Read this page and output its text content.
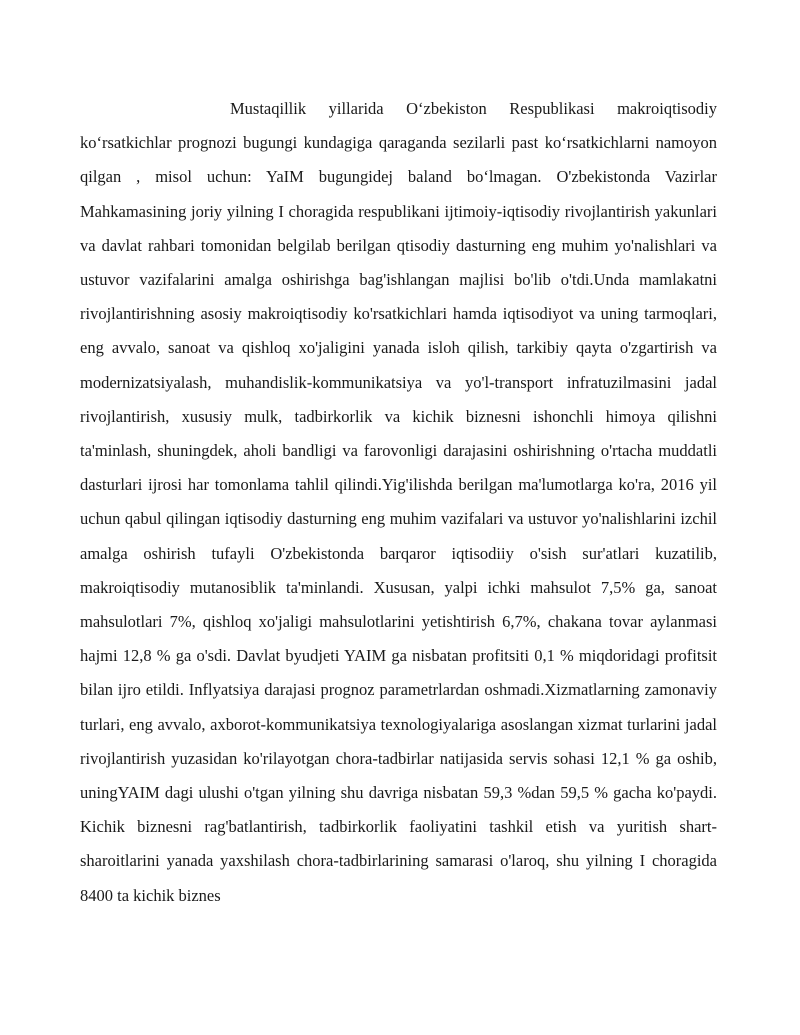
Mustaqillik yillarida O‘zbekiston Respublikasi makroiqtisodiy ko‘rsatkichlar prognozi bugungi kundagiga qaraganda sezilarli past ko‘rsatkichlarni namoyon qilgan , misol uchun: YaIM bugungidej baland bo‘lmagan. O'zbekistonda Vazirlar Mahkamasining joriy yilning I choragida respublikani ijtimoiy-iqtisodiy rivojlantirish yakunlari va davlat rahbari tomonidan belgilab berilgan qtisodiy dasturning eng muhim yo'nalishlari va ustuvor vazifalarini amalga oshirishga bag'ishlangan majlisi bo'lib o'tdi.Unda mamlakatni rivojlantirishning asosiy makroiqtisodiy ko'rsatkichlari hamda iqtisodiyot va uning tarmoqlari, eng avvalo, sanoat va qishloq xo'jaligini yanada isloh qilish, tarkibiy qayta o'zgartirish va modernizatsiyalash, muhandislik-kommunikatsiya va yo'l-transport infratuzilmasini jadal rivojlantirish, xususiy mulk, tadbirkorlik va kichik biznesni ishonchli himoya qilishni ta'minlash, shuningdek, aholi bandligi va farovonligi darajasini oshirishning o'rtacha muddatli dasturlari ijrosi har tomonlama tahlil qilindi.Yig'ilishda berilgan ma'lumotlarga ko'ra, 2016 yil uchun qabul qilingan iqtisodiy dasturning eng muhim vazifalari va ustuvor yo'nalishlarini izchil amalga oshirish tufayli O'zbekistonda barqaror iqtisodiiy o'sish sur'atlari kuzatilib, makroiqtisodiy mutanosiblik ta'minlandi. Xususan, yalpi ichki mahsulot 7,5% ga, sanoat mahsulotlari 7%, qishloq xo'jaligi mahsulotlarini yetishtirish 6,7%, chakana tovar aylanmasi hajmi 12,8 % ga o'sdi. Davlat byudjeti YAIM ga nisbatan profitsiti 0,1 % miqdoridagi profitsit bilan ijro etildi. Inflyatsiya darajasi prognoz parametrlardan oshmadi.Xizmatlarning zamonaviy turlari, eng avvalo, axborot-kommunikatsiya texnologiyalariga asoslangan xizmat turlarini jadal rivojlantirish yuzasidan ko'rilayotgan chora-tadbirlar natijasida servis sohasi 12,1 % ga oshib, uningYAIM dagi ulushi o'tgan yilning shu davriga nisbatan 59,3 %dan 59,5 % gacha ko'paydi. Kichik biznesni rag'batlantirish, tadbirkorlik faoliyatini tashkil etish va yuritish shart-sharoitlarini yanada yaxshilash chora-tadbirlarining samarasi o'laroq, shu yilning I choragida 8400 ta kichik biznes
